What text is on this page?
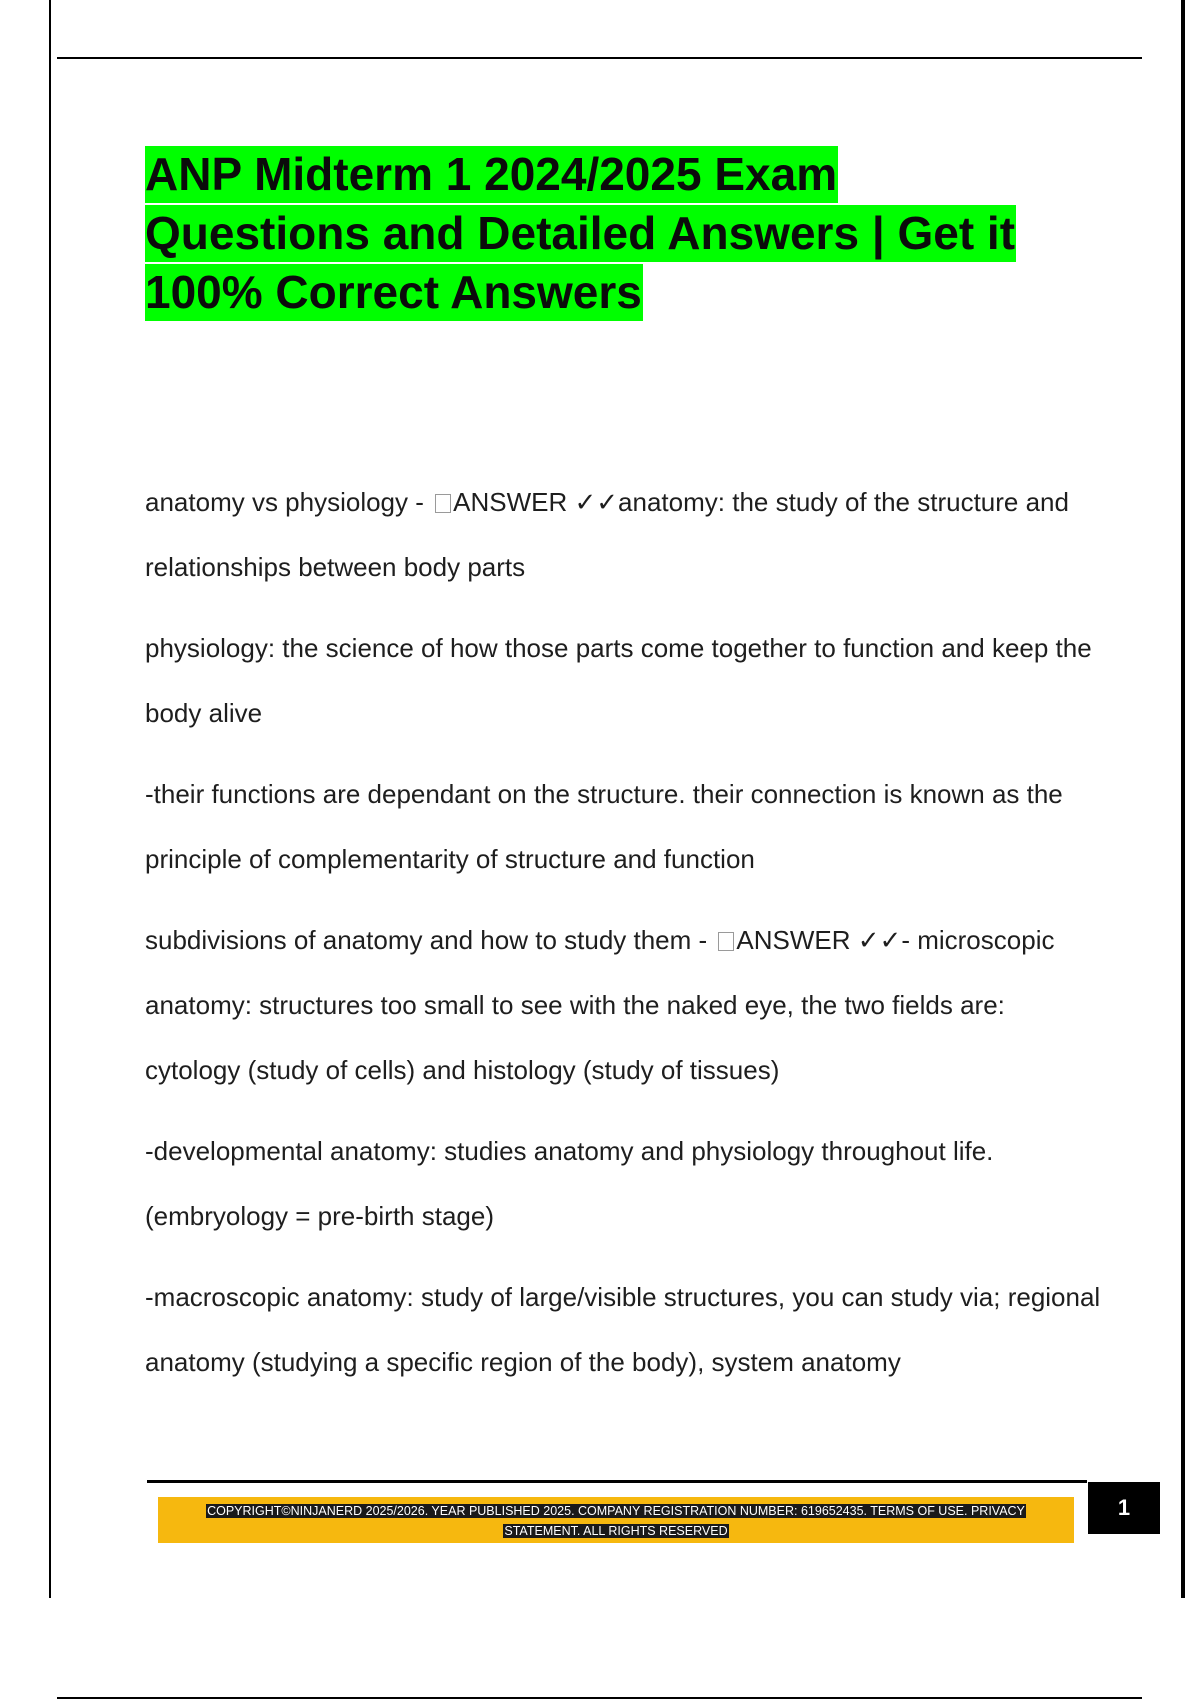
ANP Midterm 1 2024/2025 Exam
Questions and Detailed Answers | Get it
100% Correct Answers

anatomy vs physiology - ANSWER ✓✓anatomy: the study of the structure and relationships between body parts

physiology: the science of how those parts come together to function and keep the body alive

-their functions are dependant on the structure. their connection is known as the principle of complementarity of structure and function

subdivisions of anatomy and how to study them - ANSWER ✓✓- microscopic anatomy: structures too small to see with the naked eye, the two fields are: cytology (study of cells) and histology (study of tissues)

-developmental anatomy: studies anatomy and physiology throughout life. (embryology = pre-birth stage)

-macroscopic anatomy: study of large/visible structures, you can study via; regional anatomy (studying a specific region of the body), system anatomy

COPYRIGHT©NINJANERD 2025/2026. YEAR PUBLISHED 2025. COMPANY REGISTRATION NUMBER: 619652435. TERMS OF USE. PRIVACY
STATEMENT. ALL RIGHTS RESERVED

1
